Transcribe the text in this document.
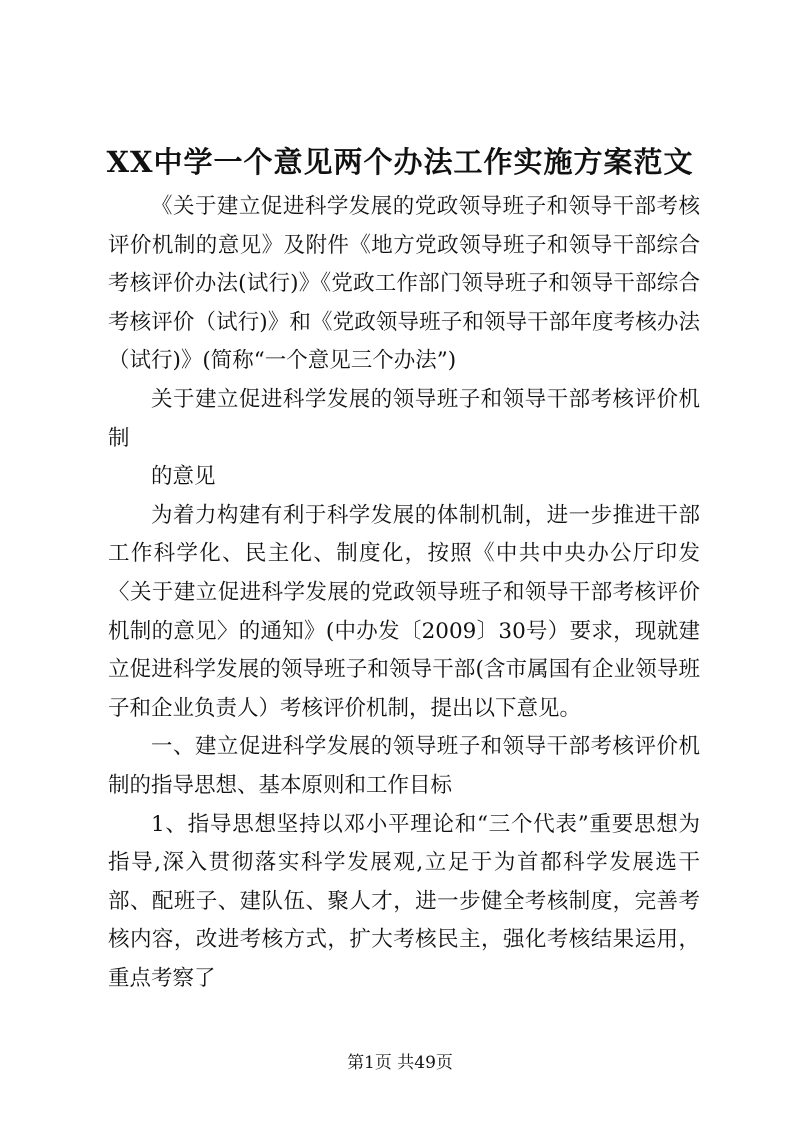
XX中学一个意见两个办法工作实施方案范文

《关于建立促进科学发展的党政领导班子和领导干部考核评价机制的意见》及附件《地方党政领导班子和领导干部综合考核评价办法(试行)》《党政工作部门领导班子和领导干部综合考核评价（试行)》和《党政领导班子和领导干部年度考核办法（试行)》(简称“一个意见三个办法”)

关于建立促进科学发展的领导班子和领导干部考核评价机制

的意见

为着力构建有利于科学发展的体制机制，进一步推进干部工作科学化、民主化、制度化，按照《中共中央办公厅印发〈关于建立促进科学发展的党政领导班子和领导干部考核评价机制的意见〉的通知》(中办发〔2009〕30号）要求，现就建立促进科学发展的领导班子和领导干部(含市属国有企业领导班子和企业负责人）考核评价机制，提出以下意见。

一、建立促进科学发展的领导班子和领导干部考核评价机制的指导思想、基本原则和工作目标

1、指导思想坚持以邓小平理论和“三个代表”重要思想为指导,深入贯彻落实科学发展观,立足于为首都科学发展选干部、配班子、建队伍、聚人才，进一步健全考核制度，完善考核内容，改进考核方式，扩大考核民主，强化考核结果运用，重点考察了

第1页 共49页
